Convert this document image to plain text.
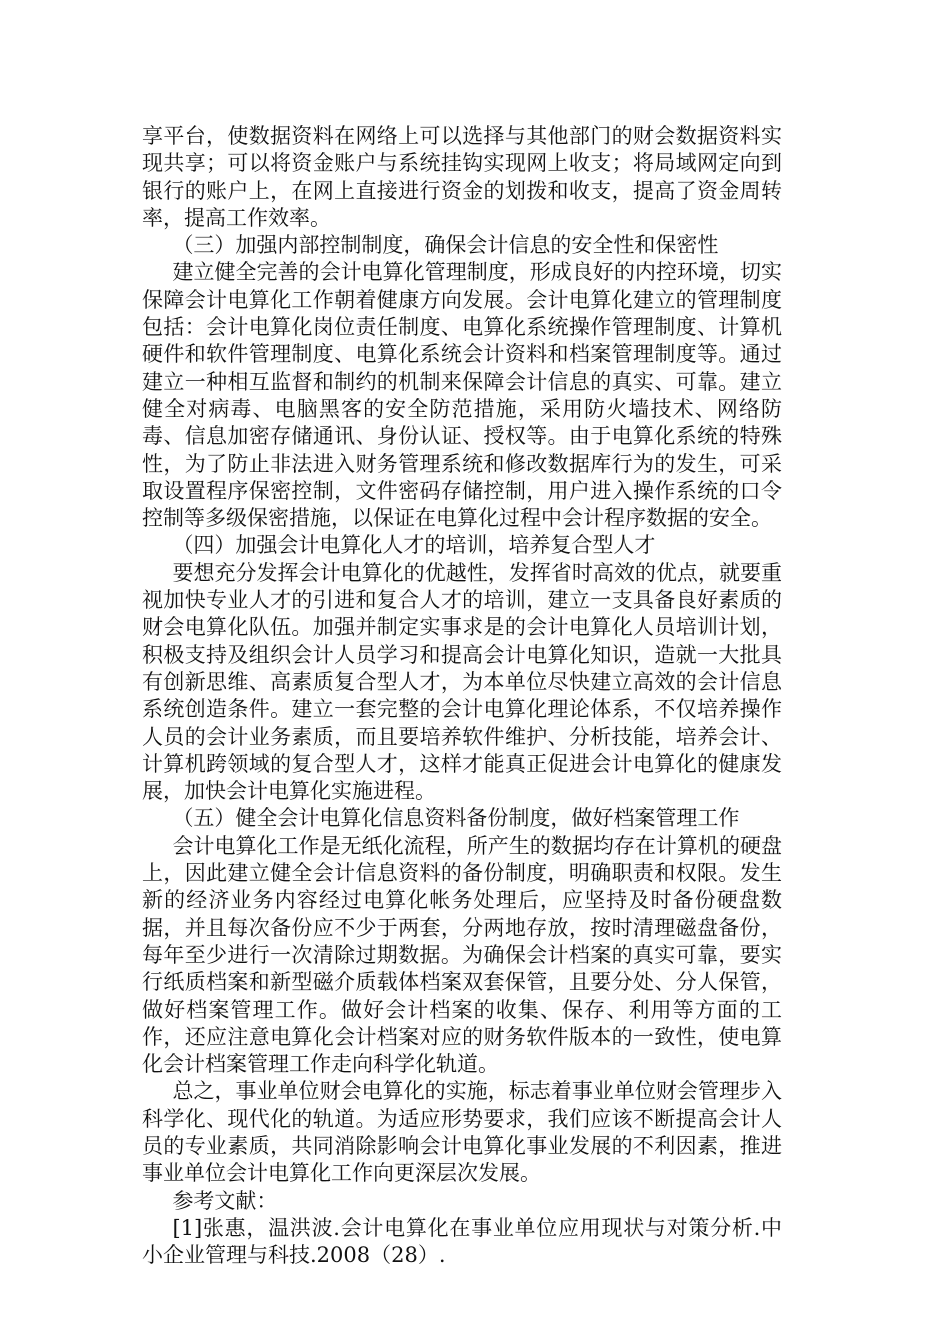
享平台，使数据资料在网络上可以选择与其他部门的财会数据资料实现共享；可以将资金账户与系统挂钩实现网上收支；将局域网定向到银行的账户上，在网上直接进行资金的划拨和收支，提高了资金周转率，提高工作效率。

（三）加强内部控制制度，确保会计信息的安全性和保密性

建立健全完善的会计电算化管理制度，形成良好的内控环境，切实保障会计电算化工作朝着健康方向发展。会计电算化建立的管理制度包括：会计电算化岗位责任制度、电算化系统操作管理制度、计算机硬件和软件管理制度、电算化系统会计资料和档案管理制度等。通过建立一种相互监督和制约的机制来保障会计信息的真实、可靠。建立健全对病毒、电脑黑客的安全防范措施，采用防火墙技术、网络防毒、信息加密存储通讯、身份认证、授权等。由于电算化系统的特殊性，为了防止非法进入财务管理系统和修改数据库行为的发生，可采取设置程序保密控制，文件密码存储控制，用户进入操作系统的口令控制等多级保密措施，以保证在电算化过程中会计程序数据的安全。

（四）加强会计电算化人才的培训，培养复合型人才

要想充分发挥会计电算化的优越性，发挥省时高效的优点，就要重视加快专业人才的引进和复合人才的培训，建立一支具备良好素质的财会电算化队伍。加强并制定实事求是的会计电算化人员培训计划，积极支持及组织会计人员学习和提高会计电算化知识，造就一大批具有创新思维、高素质复合型人才，为本单位尽快建立高效的会计信息系统创造条件。建立一套完整的会计电算化理论体系，不仅培养操作人员的会计业务素质，而且要培养软件维护、分析技能，培养会计、计算机跨领域的复合型人才，这样才能真正促进会计电算化的健康发展，加快会计电算化实施进程。

（五）健全会计电算化信息资料备份制度，做好档案管理工作

会计电算化工作是无纸化流程，所产生的数据均存在计算机的硬盘上，因此建立健全会计信息资料的备份制度，明确职责和权限。发生新的经济业务内容经过电算化帐务处理后，应坚持及时备份硬盘数据，并且每次备份应不少于两套，分两地存放，按时清理磁盘备份，每年至少进行一次清除过期数据。为确保会计档案的真实可靠，要实行纸质档案和新型磁介质载体档案双套保管，且要分处、分人保管，做好档案管理工作。做好会计档案的收集、保存、利用等方面的工作，还应注意电算化会计档案对应的财务软件版本的一致性，使电算化会计档案管理工作走向科学化轨道。

总之，事业单位财会电算化的实施，标志着事业单位财会管理步入科学化、现代化的轨道。为适应形势要求，我们应该不断提高会计人员的专业素质，共同消除影响会计电算化事业发展的不利因素，推进事业单位会计电算化工作向更深层次发展。

参考文献：

[1]张惠，温洪波.会计电算化在事业单位应用现状与对策分析.中小企业管理与科技.2008（28）.
